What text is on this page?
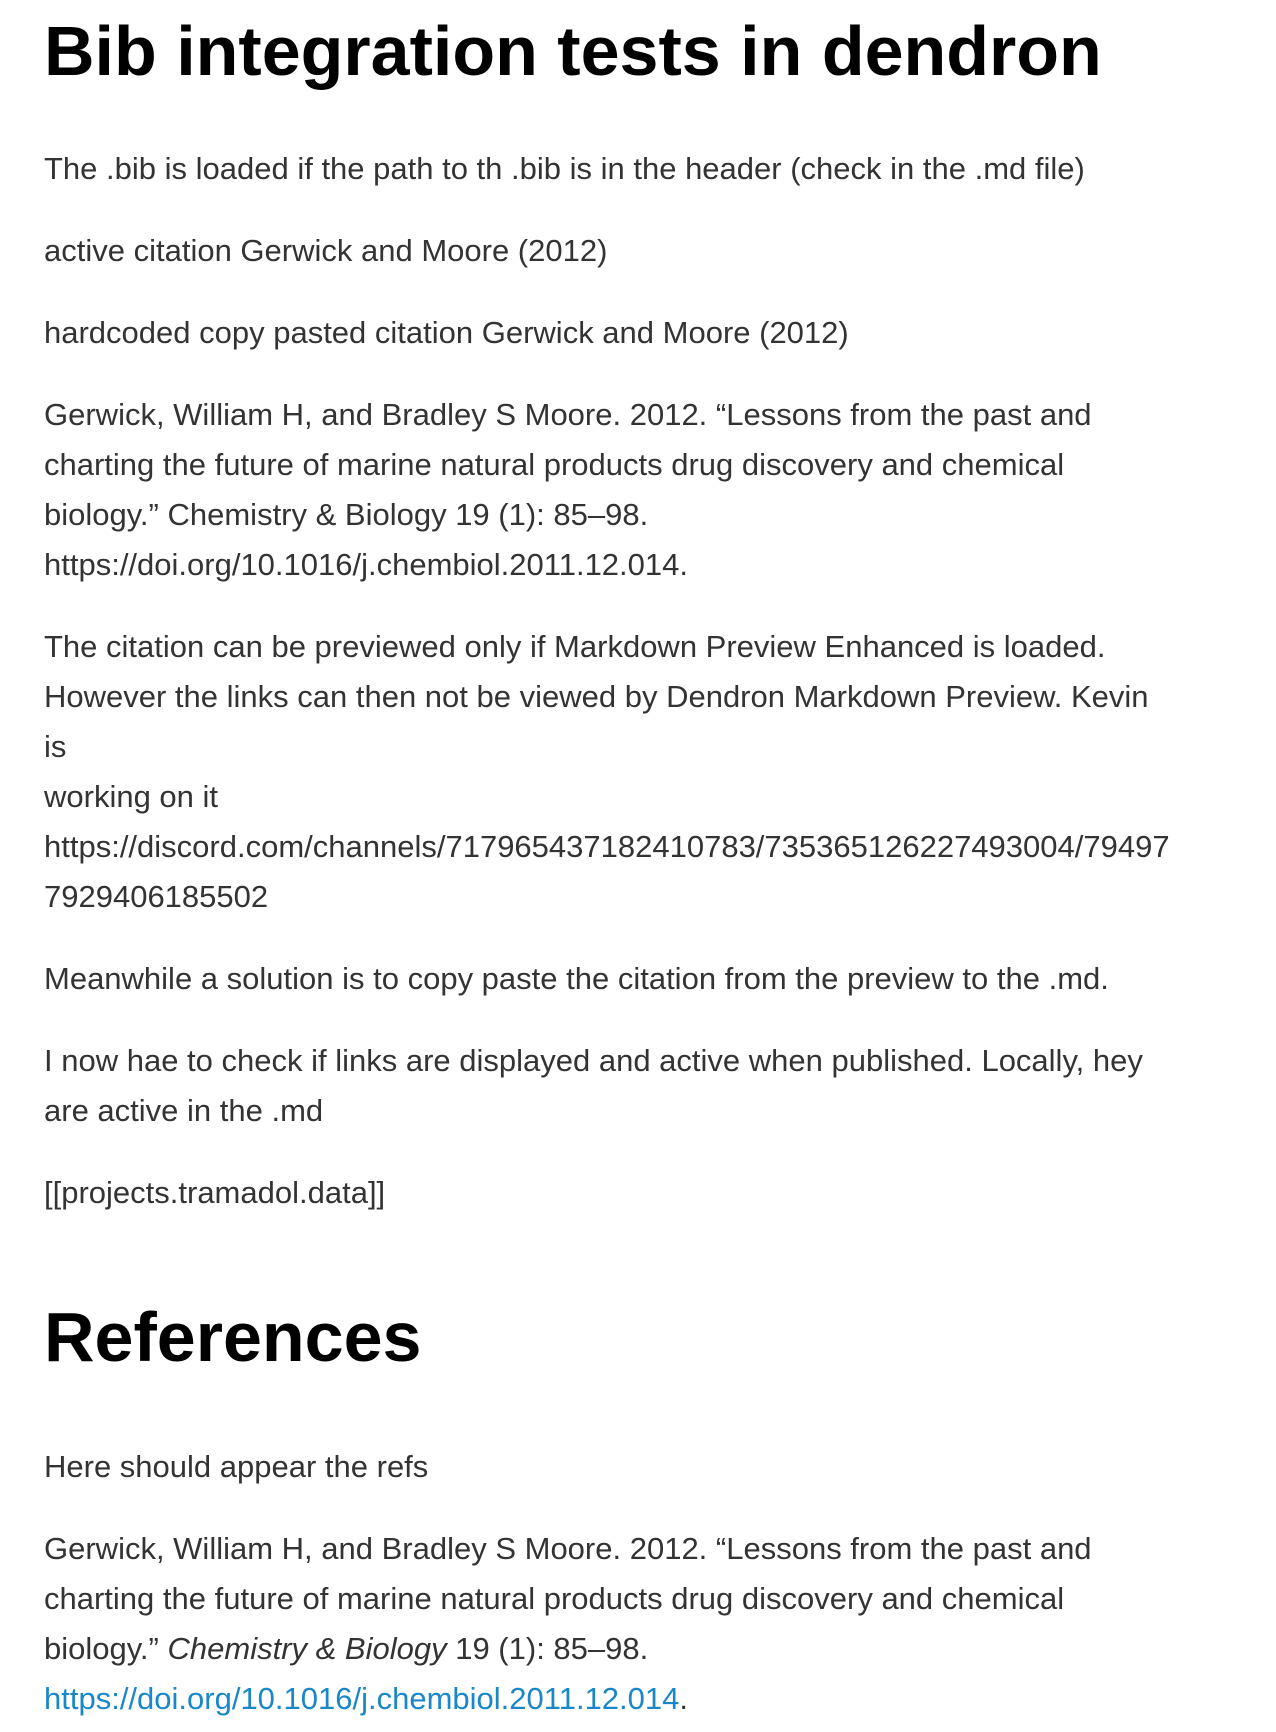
Bib integration tests in dendron

The .bib is loaded if the path to th .bib is in the header (check in the .md file)

active citation Gerwick and Moore (2012)

hardcoded copy pasted citation Gerwick and Moore (2012)

Gerwick, William H, and Bradley S Moore. 2012. “Lessons from the past and
charting the future of marine natural products drug discovery and chemical
biology.” Chemistry & Biology 19 (1): 85–98.
https://doi.org/10.1016/j.chembiol.2011.12.014.

The citation can be previewed only if Markdown Preview Enhanced is loaded.
However the links can then not be viewed by Dendron Markdown Preview. Kevin is
working on it
https://discord.com/channels/717965437182410783/735365126227493004/79497
7929406185502

Meanwhile a solution is to copy paste the citation from the preview to the .md.

I now hae to check if links are displayed and active when published. Locally, hey
are active in the .md

[[projects.tramadol.data]]

References

Here should appear the refs

Gerwick, William H, and Bradley S Moore. 2012. “Lessons from the past and
charting the future of marine natural products drug discovery and chemical
biology.” Chemistry & Biology 19 (1): 85–98.
https://doi.org/10.1016/j.chembiol.2011.12.014.
